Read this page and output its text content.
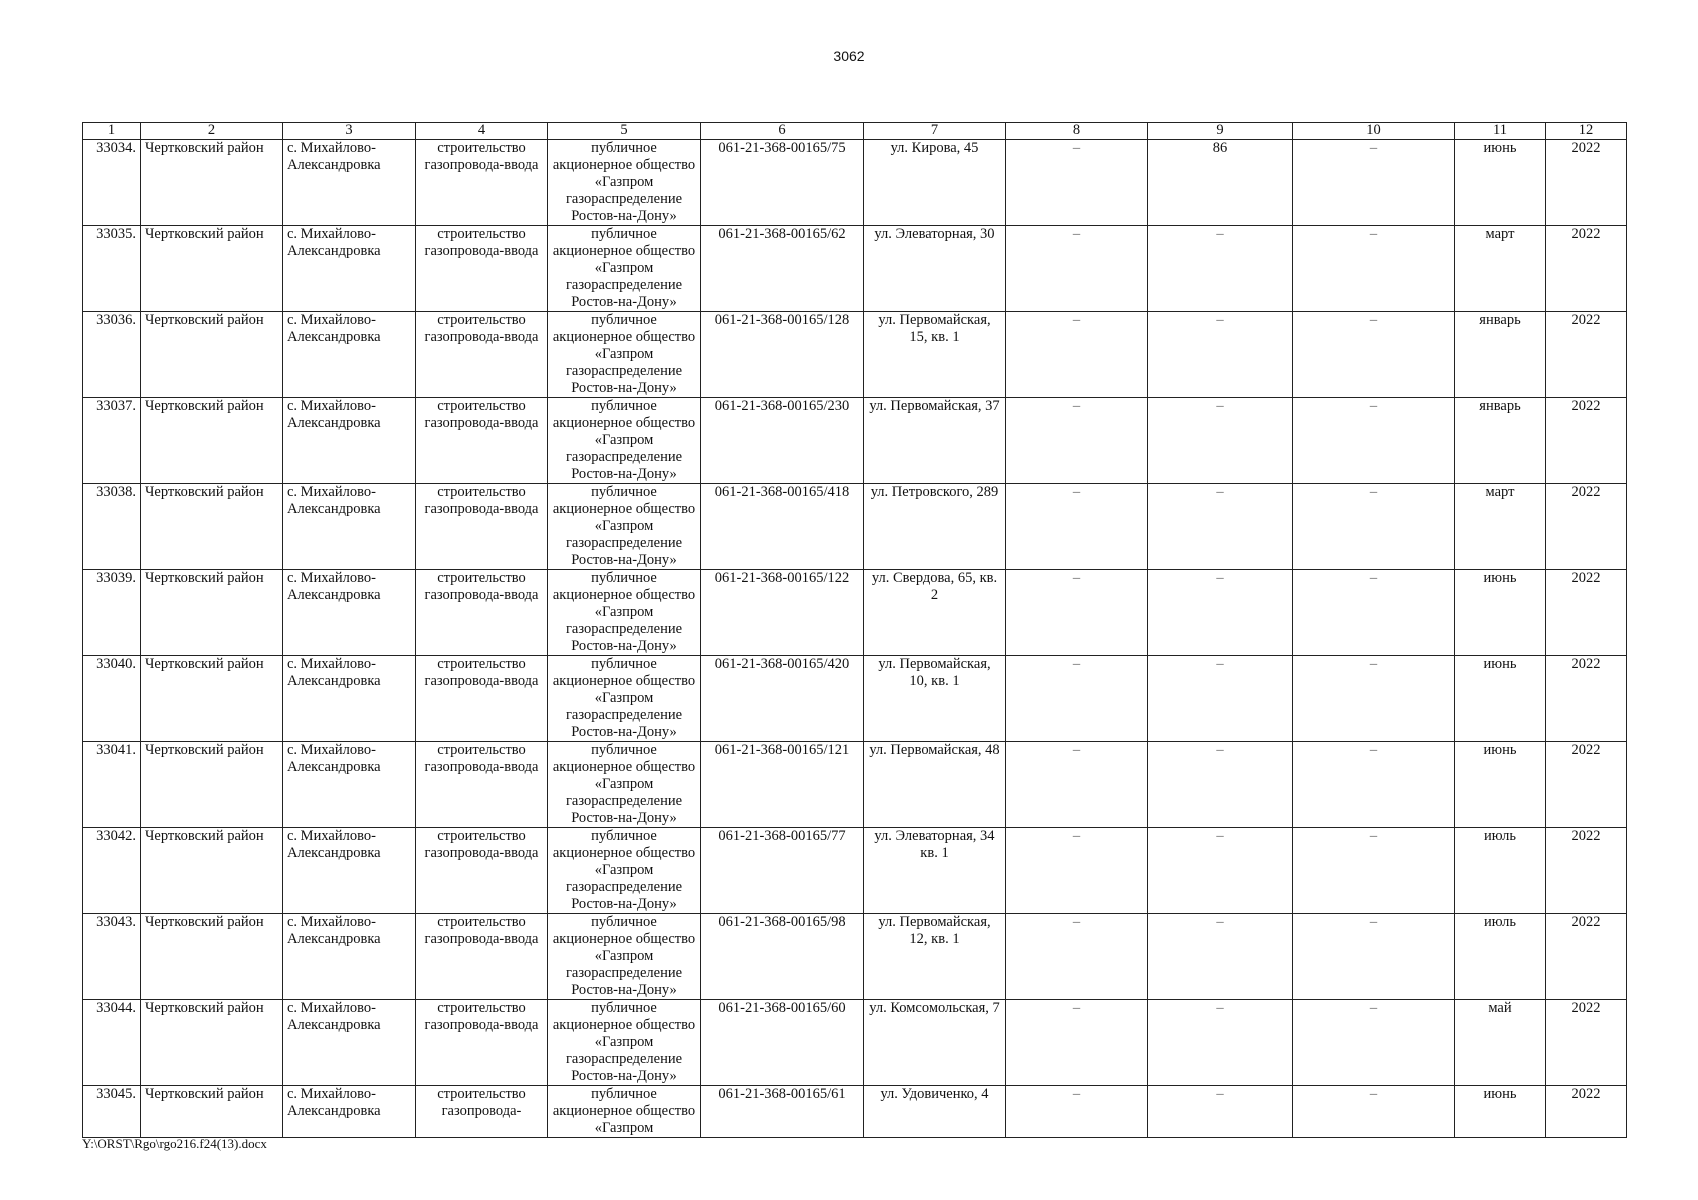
3062
1	2	3	4	5	6	7	8	9	10	11	12
33034.	Чертковский район	с. Михайлово-Александровка	строительство газопровода-ввода	публичное акционерное общество «Газпром газораспределение Ростов-на-Дону»	061-21-368-00165/75	ул. Кирова, 45	–	86	–	июнь	2022
33035.	Чертковский район	с. Михайлово-Александровка	строительство газопровода-ввода	публичное акционерное общество «Газпром газораспределение Ростов-на-Дону»	061-21-368-00165/62	ул. Элеваторная, 30	–	–	–	март	2022
33036.	Чертковский район	с. Михайлово-Александровка	строительство газопровода-ввода	публичное акционерное общество «Газпром газораспределение Ростов-на-Дону»	061-21-368-00165/128	ул. Первомайская, 15, кв. 1	–	–	–	январь	2022
33037.	Чертковский район	с. Михайлово-Александровка	строительство газопровода-ввода	публичное акционерное общество «Газпром газораспределение Ростов-на-Дону»	061-21-368-00165/230	ул. Первомайская, 37	–	–	–	январь	2022
33038.	Чертковский район	с. Михайлово-Александровка	строительство газопровода-ввода	публичное акционерное общество «Газпром газораспределение Ростов-на-Дону»	061-21-368-00165/418	ул. Петровского, 289	–	–	–	март	2022
33039.	Чертковский район	с. Михайлово-Александровка	строительство газопровода-ввода	публичное акционерное общество «Газпром газораспределение Ростов-на-Дону»	061-21-368-00165/122	ул. Свердова, 65, кв. 2	–	–	–	июнь	2022
33040.	Чертковский район	с. Михайлово-Александровка	строительство газопровода-ввода	публичное акционерное общество «Газпром газораспределение Ростов-на-Дону»	061-21-368-00165/420	ул. Первомайская, 10, кв. 1	–	–	–	июнь	2022
33041.	Чертковский район	с. Михайлово-Александровка	строительство газопровода-ввода	публичное акционерное общество «Газпром газораспределение Ростов-на-Дону»	061-21-368-00165/121	ул. Первомайская, 48	–	–	–	июнь	2022
33042.	Чертковский район	с. Михайлово-Александровка	строительство газопровода-ввода	публичное акционерное общество «Газпром газораспределение Ростов-на-Дону»	061-21-368-00165/77	ул. Элеваторная, 34 кв. 1	–	–	–	июль	2022
33043.	Чертковский район	с. Михайлово-Александровка	строительство газопровода-ввода	публичное акционерное общество «Газпром газораспределение Ростов-на-Дону»	061-21-368-00165/98	ул. Первомайская, 12, кв. 1	–	–	–	июль	2022
33044.	Чертковский район	с. Михайлово-Александровка	строительство газопровода-ввода	публичное акционерное общество «Газпром газораспределение Ростов-на-Дону»	061-21-368-00165/60	ул. Комсомольская, 7	–	–	–	май	2022
33045.	Чертковский район	с. Михайлово-Александровка	строительство газопровода-	публичное акционерное общество «Газпром	061-21-368-00165/61	ул. Удовиченко, 4	–	–	–	июнь	2022
Y:\ORST\Rgo\rgo216.f24(13).docx
